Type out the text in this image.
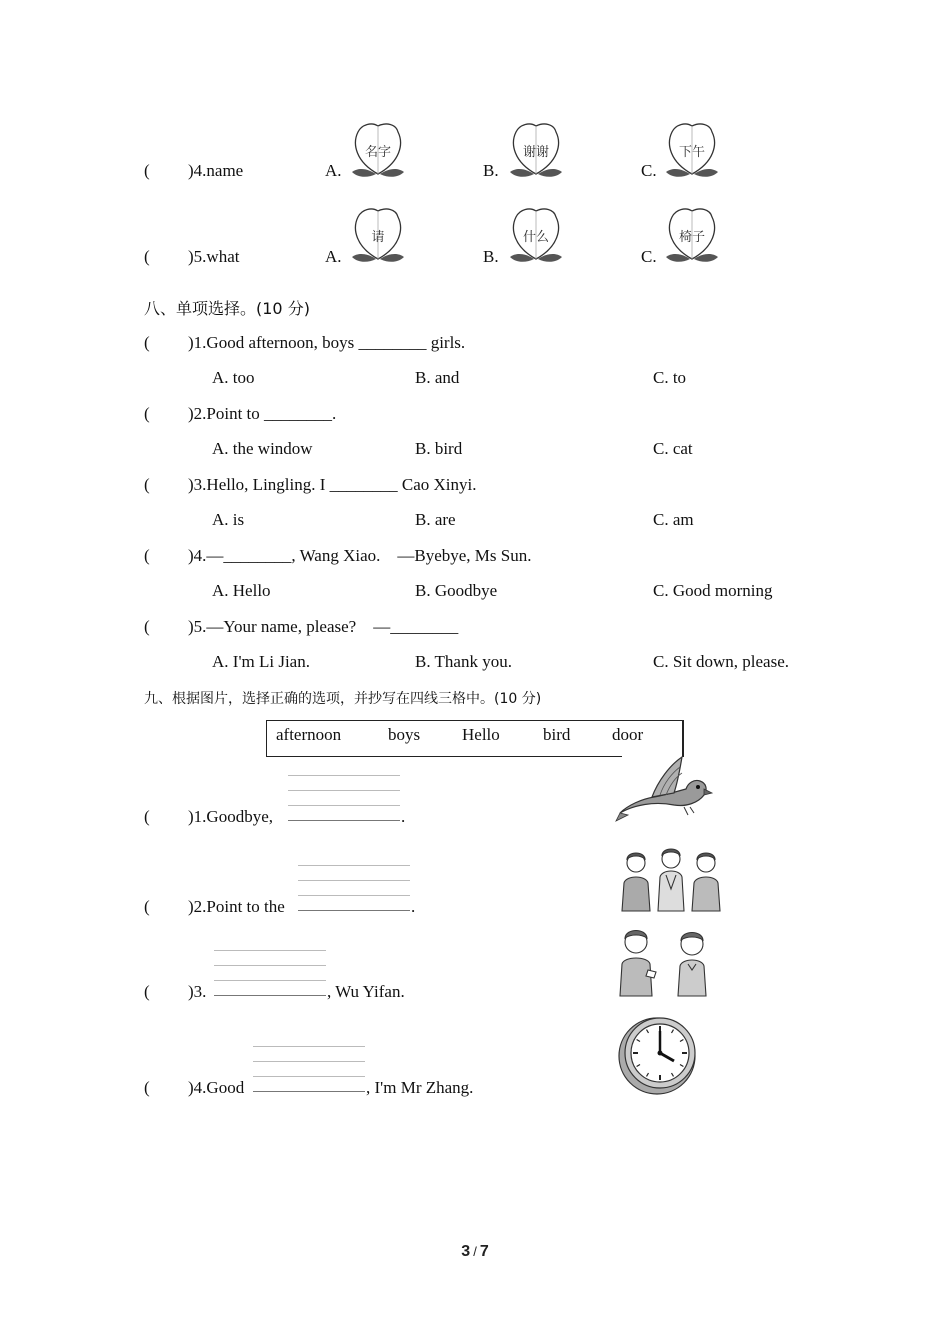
( )4.name	A.
名字
B.
谢谢
C.
下午
( )5.what	A.
请
B.
什么
C.
椅子
八、单项选择。(10 分)
( )1.Good afternoon, boys ________ girls.
A. too	B. and	C. to
( )2.Point to ________.
A. the window	B. bird	C. cat
( )3.Hello, Lingling. I ________ Cao Xinyi.
A. is	B. are	C. am
( )4.—________, Wang Xiao.    —Byebye, Ms Sun.
A. Hello	B. Goodbye	C. Good morning
( )5.—Your name, please?    —________
A. I'm Li Jian.	B. Thank you.	C. Sit down, please.
九、根据图片，选择正确的选项，并抄写在四线三格中。(10 分)
afternoon	boys Hello	bird door
( )1.Goodbye,	.
( )2.Point to the	.
( )3.	, Wu Yifan.
( )4.Good	, I'm Mr Zhang.
3 / 7
